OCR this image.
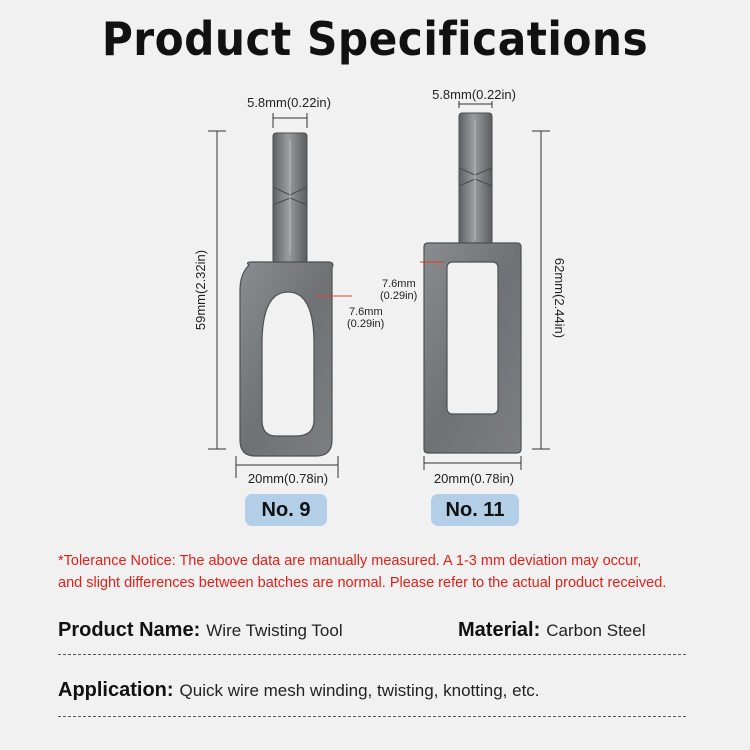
Product Specifications
59mm(2.32in)
5.8mm(0.22in)
7.6mm
(0.29in)
20mm(0.78in)
62mm(2.44in)
5.8mm(0.22in)
7.6mm
(0.29in)
20mm(0.78in)
No. 9	No. 11
*Tolerance Notice: The above data are manually measured. A 1-3 mm deviation may occur,
and slight differences between batches are normal. Please refer to the actual product received.
Product Name: Wire Twisting Tool	Material: Carbon Steel
Application: Quick wire mesh winding, twisting, knotting, etc.
